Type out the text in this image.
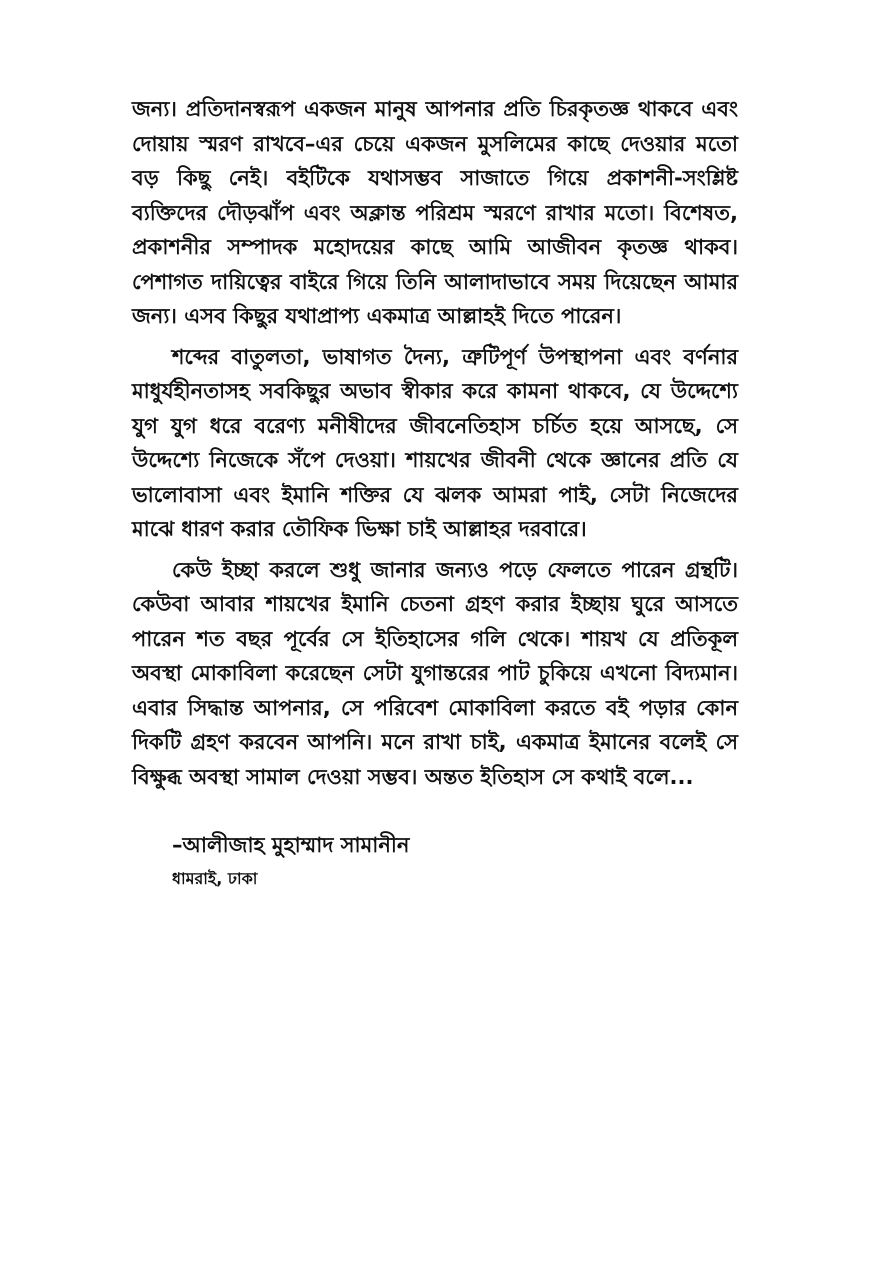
জন্য। প্রতিদানস্বরূপ একজন মানুষ আপনার প্রতি চিরকৃতজ্ঞ থাকবে এবং দোয়ায় স্মরণ রাখবে–এর চেয়ে একজন মুসলিমের কাছে দেওয়ার মতো বড় কিছু নেই। বইটিকে যথাসম্ভব সাজাতে গিয়ে প্রকাশনী-সংশ্লিষ্ট ব্যক্তিদের দৌড়ঝাঁপ এবং অক্লান্ত পরিশ্রম স্মরণে রাখার মতো। বিশেষত, প্রকাশনীর সম্পাদক মহোদয়ের কাছে আমি আজীবন কৃতজ্ঞ থাকব। পেশাগত দায়িত্বের বাইরে গিয়ে তিনি আলাদাভাবে সময় দিয়েছেন আমার জন্য। এসব কিছুর যথাপ্রাপ্য একমাত্র আল্লাহই দিতে পারেন।

শব্দের বাতুলতা, ভাষাগত দৈন্য, ত্রুটিপূর্ণ উপস্থাপনা এবং বর্ণনার মাধুর্যহীনতাসহ সবকিছুর অভাব স্বীকার করে কামনা থাকবে, যে উদ্দেশ্যে যুগ যুগ ধরে বরেণ্য মনীষীদের জীবনেতিহাস চর্চিত হয়ে আসছে, সে উদ্দেশ্যে নিজেকে সঁপে দেওয়া। শায়খের জীবনী থেকে জ্ঞানের প্রতি যে ভালোবাসা এবং ইমানি শক্তির যে ঝলক আমরা পাই, সেটা নিজেদের মাঝে ধারণ করার তৌফিক ভিক্ষা চাই আল্লাহর দরবারে।

কেউ ইচ্ছা করলে শুধু জানার জন্যও পড়ে ফেলতে পারেন গ্রন্থটি। কেউবা আবার শায়খের ইমানি চেতনা গ্রহণ করার ইচ্ছায় ঘুরে আসতে পারেন শত বছর পূর্বের সে ইতিহাসের গলি থেকে। শায়খ যে প্রতিকূল অবস্থা মোকাবিলা করেছেন সেটা যুগান্তরের পাট চুকিয়ে এখনো বিদ্যমান। এবার সিদ্ধান্ত আপনার, সে পরিবেশ মোকাবিলা করতে বই পড়ার কোন দিকটি গ্রহণ করবেন আপনি। মনে রাখা চাই, একমাত্র ইমানের বলেই সে বিক্ষুব্ধ অবস্থা সামাল দেওয়া সম্ভব। অন্তত ইতিহাস সে কথাই বলে...

–আলীজাহ মুহাম্মাদ সামানীন
ধামরাই, ঢাকা
